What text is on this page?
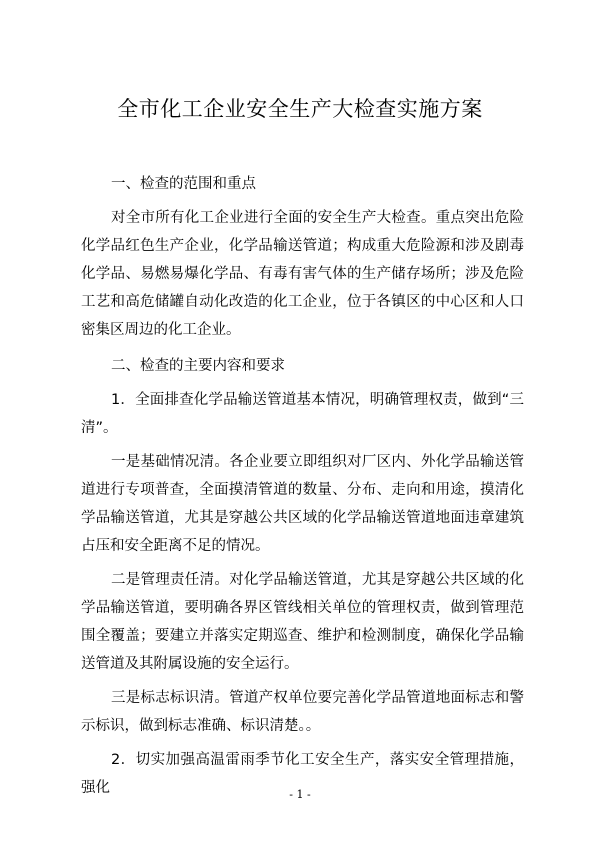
全市化工企业安全生产大检查实施方案

一、检查的范围和重点

对全市所有化工企业进行全面的安全生产大检查。重点突出危险化学品红色生产企业，化学品输送管道；构成重大危险源和涉及剧毒化学品、易燃易爆化学品、有毒有害气体的生产储存场所；涉及危险工艺和高危储罐自动化改造的化工企业，位于各镇区的中心区和人口密集区周边的化工企业。

二、检查的主要内容和要求

1．全面排查化学品输送管道基本情况，明确管理权责，做到“三清”。

一是基础情况清。各企业要立即组织对厂区内、外化学品输送管道进行专项普查，全面摸清管道的数量、分布、走向和用途，摸清化学品输送管道，尤其是穿越公共区域的化学品输送管道地面违章建筑占压和安全距离不足的情况。

二是管理责任清。对化学品输送管道，尤其是穿越公共区域的化学品输送管道，要明确各界区管线相关单位的管理权责，做到管理范围全覆盖；要建立并落实定期巡查、维护和检测制度，确保化学品输送管道及其附属设施的安全运行。

三是标志标识清。管道产权单位要完善化学品管道地面标志和警示标识，做到标志准确、标识清楚。。

2．切实加强高温雷雨季节化工安全生产，落实安全管理措施，强化	- 1 -
